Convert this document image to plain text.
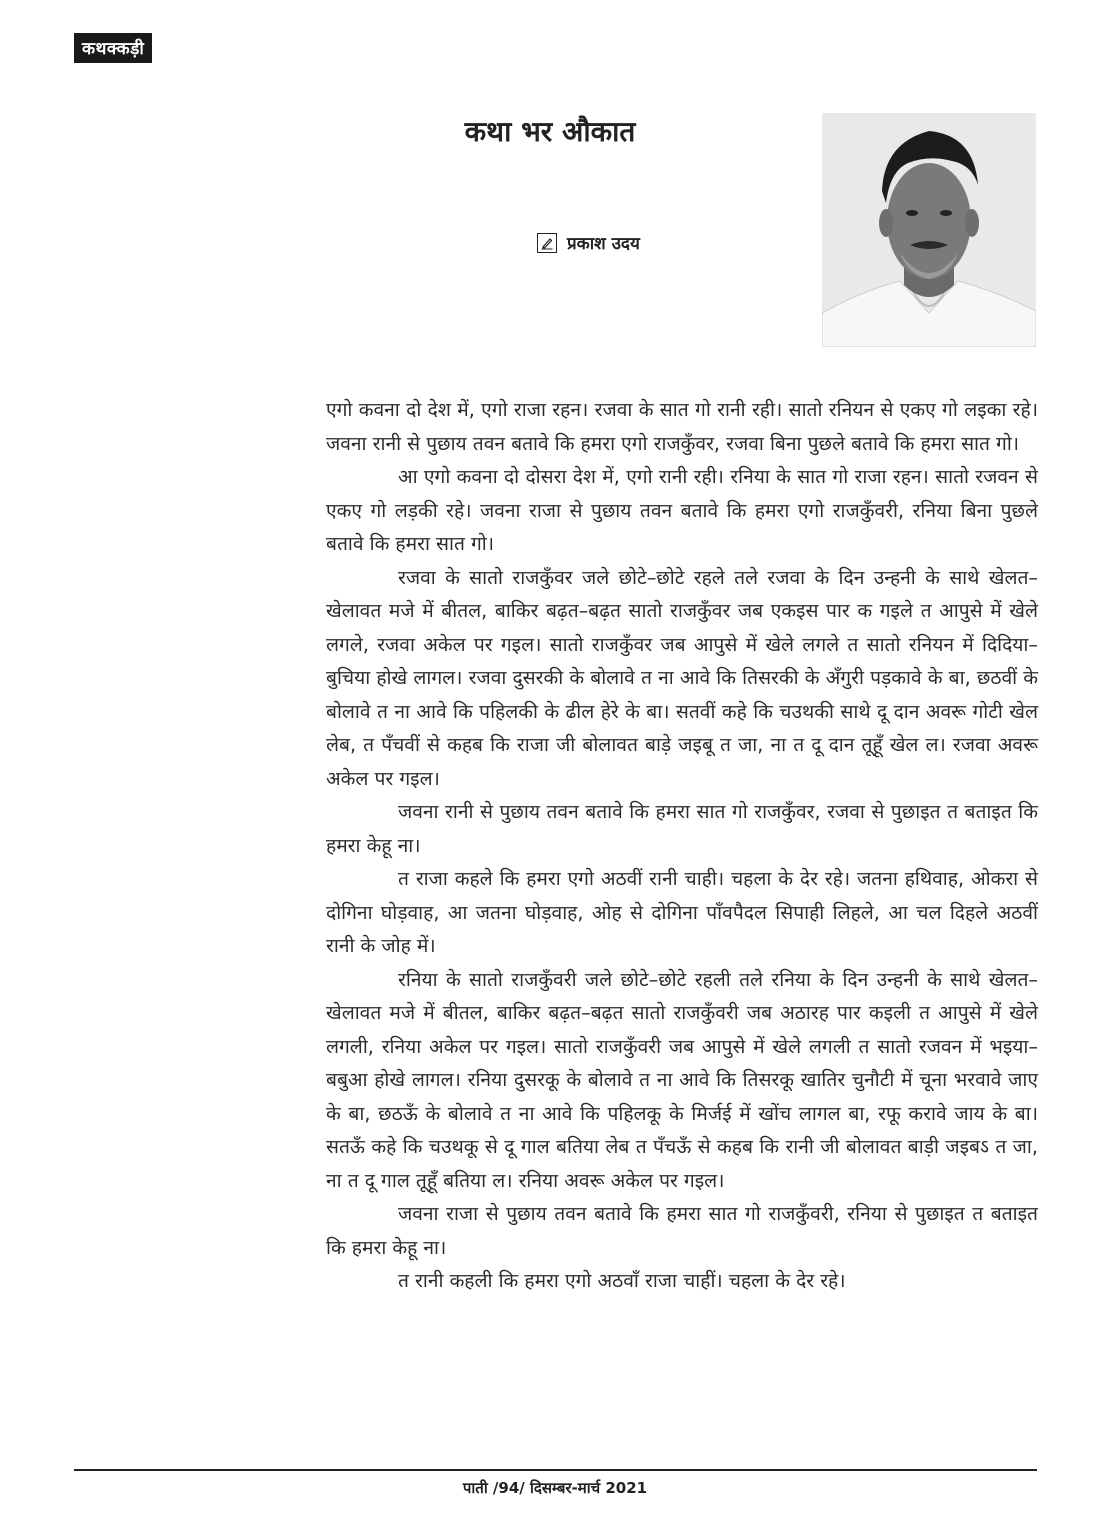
कथक्कड़ी
कथा भर औकात
प्रकाश उदय

एगो कवना दो देश में, एगो राजा रहन। रजवा के सात गो रानी रही। सातो रनियन से एकए गो लइका रहे। जवना रानी से पुछाय तवन बतावे कि हमरा एगो राजकुँवर, रजवा बिना पुछले बतावे कि हमरा सात गो।

आ एगो कवना दो दोसरा देश में, एगो रानी रही। रनिया के सात गो राजा रहन। सातो रजवन से एकए गो लड़की रहे। जवना राजा से पुछाय तवन बतावे कि हमरा एगो राजकुँवरी, रनिया बिना पुछले बतावे कि हमरा सात गो।

रजवा के सातो राजकुँवर जले छोटे–छोटे रहले तले रजवा के दिन उन्हनी के साथे खेलत–खेलावत मजे में बीतल, बाकिर बढ़त–बढ़त सातो राजकुँवर जब एकइस पार क गइले त आपुसे में खेले लगले, रजवा अकेल पर गइल। सातो राजकुँवर जब आपुसे में खेले लगले त सातो रनियन में दिदिया–बुचिया होखे लागल। रजवा दुसरकी के बोलावे त ना आवे कि तिसरकी के अँगुरी पड़कावे के बा, छठवीं के बोलावे त ना आवे कि पहिलकी के ढील हेरे के बा। सतवीं कहे कि चउथकी साथे दू दान अवरू गोटी खेल लेब, त पँचवीं से कहब कि राजा जी बोलावत बाड़े जइबू त जा, ना त दू दान तूहूँ खेल ल। रजवा अवरू अकेल पर गइल।

जवना रानी से पुछाय तवन बतावे कि हमरा सात गो राजकुँवर, रजवा से पुछाइत त बताइत कि हमरा केहू ना।

त राजा कहले कि हमरा एगो अठवीं रानी चाही। चहला के देर रहे। जतना हथिवाह, ओकरा से दोगिना घोड़वाह, आ जतना घोड़वाह, ओह से दोगिना पाँवपैदल सिपाही लिहले, आ चल दिहले अठवीं रानी के जोह में।

रनिया के सातो राजकुँवरी जले छोटे–छोटे रहली तले रनिया के दिन उन्हनी के साथे खेलत–खेलावत मजे में बीतल, बाकिर बढ़त–बढ़त सातो राजकुँवरी जब अठारह पार कइली त आपुसे में खेले लगली, रनिया अकेल पर गइल। सातो राजकुँवरी जब आपुसे में खेले लगली त सातो रजवन में भइया–बबुआ होखे लागल। रनिया दुसरकू के बोलावे त ना आवे कि तिसरकू खातिर चुनौटी में चूना भरवावे जाए के बा, छठऊँ के बोलावे त ना आवे कि पहिलकू के मिर्जई में खोंच लागल बा, रफू करावे जाय के बा। सतऊँ कहे कि चउथकू से दू गाल बतिया लेब त पँचऊँ से कहब कि रानी जी बोलावत बाड़ी जइबऽ त जा, ना त दू गाल तूहूँ बतिया ल। रनिया अवरू अकेल पर गइल।

जवना राजा से पुछाय तवन बतावे कि हमरा सात गो राजकुँवरी, रनिया से पुछाइत त बताइत कि हमरा केहू ना।

त रानी कहली कि हमरा एगो अठवाँ राजा चाहीं। चहला के देर रहे।

पाती /94/ दिसम्बर-मार्च 2021
